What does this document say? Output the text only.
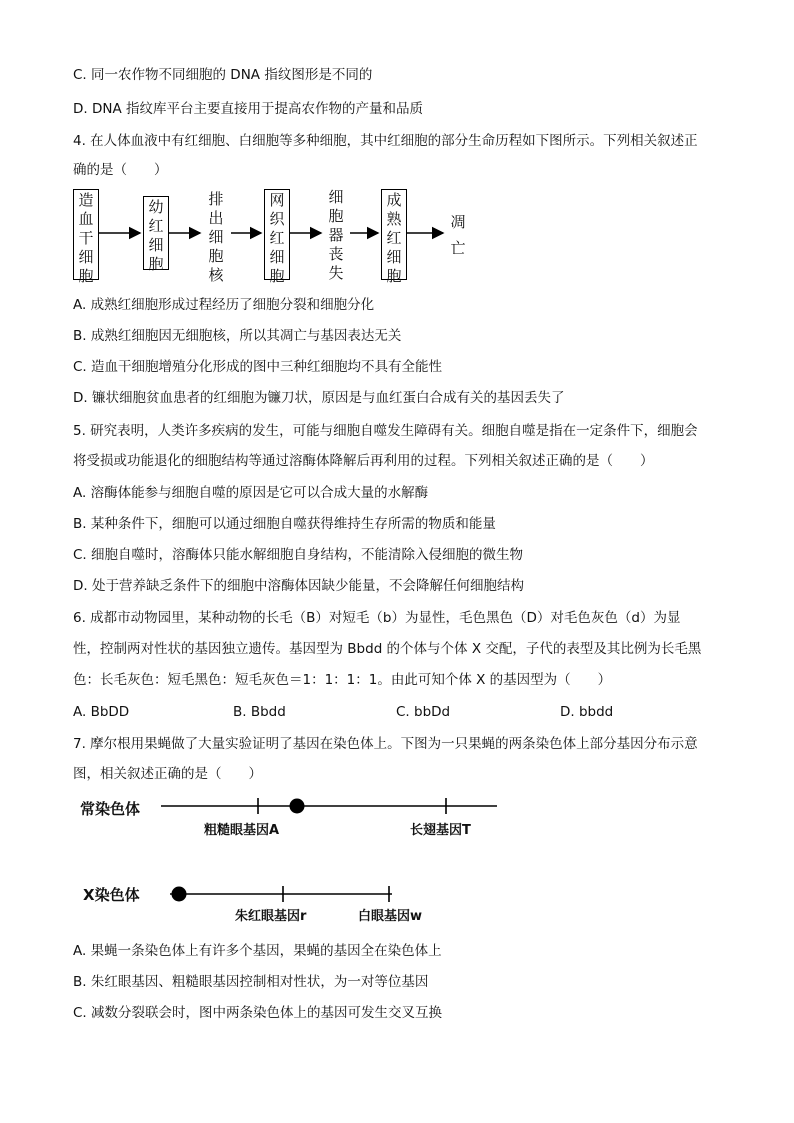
C. 同一农作物不同细胞的 DNA 指纹图形是不同的
D. DNA 指纹库平台主要直接用于提高农作物的产量和品质
4. 在人体血液中有红细胞、白细胞等多种细胞，其中红细胞的部分生命历程如下图所示。下列相关叙述正
确的是（　　）
造
血
干
细
胞
幼
红
细
胞
排
出
细
胞
核
网
织
红
细
胞
细
胞
器
丧
失
成
熟
红
细
胞
凋
亡
A. 成熟红细胞形成过程经历了细胞分裂和细胞分化
B. 成熟红细胞因无细胞核，所以其凋亡与基因表达无关
C. 造血干细胞增殖分化形成的图中三种红细胞均不具有全能性
D. 镰状细胞贫血患者的红细胞为镰刀状，原因是与血红蛋白合成有关的基因丢失了
5. 研究表明，人类许多疾病的发生，可能与细胞自噬发生障碍有关。细胞自噬是指在一定条件下，细胞会
将受损或功能退化的细胞结构等通过溶酶体降解后再利用的过程。下列相关叙述正确的是（　　）
A. 溶酶体能参与细胞自噬的原因是它可以合成大量的水解酶
B. 某种条件下，细胞可以通过细胞自噬获得维持生存所需的物质和能量
C. 细胞自噬时，溶酶体只能水解细胞自身结构，不能清除入侵细胞的微生物
D. 处于营养缺乏条件下的细胞中溶酶体因缺少能量，不会降解任何细胞结构
6. 成都市动物园里，某种动物的长毛（B）对短毛（b）为显性，毛色黑色（D）对毛色灰色（d）为显
性，控制两对性状的基因独立遗传。基因型为 Bbdd 的个体与个体 X 交配，子代的表型及其比例为长毛黑
色：长毛灰色：短毛黑色：短毛灰色＝1：1：1：1。由此可知个体 X 的基因型为（　　）
A. BbDD	B. Bbdd	C. bbDd	D. bbdd
7. 摩尔根用果蝇做了大量实验证明了基因在染色体上。下图为一只果蝇的两条染色体上部分基因分布示意
图，相关叙述正确的是（　　）
常染色体
粗糙眼基因A	长翅基因T
X染色体
朱红眼基因r	白眼基因w
A. 果蝇一条染色体上有许多个基因，果蝇的基因全在染色体上
B. 朱红眼基因、粗糙眼基因控制相对性状，为一对等位基因
C. 减数分裂联会时，图中两条染色体上的基因可发生交叉互换
